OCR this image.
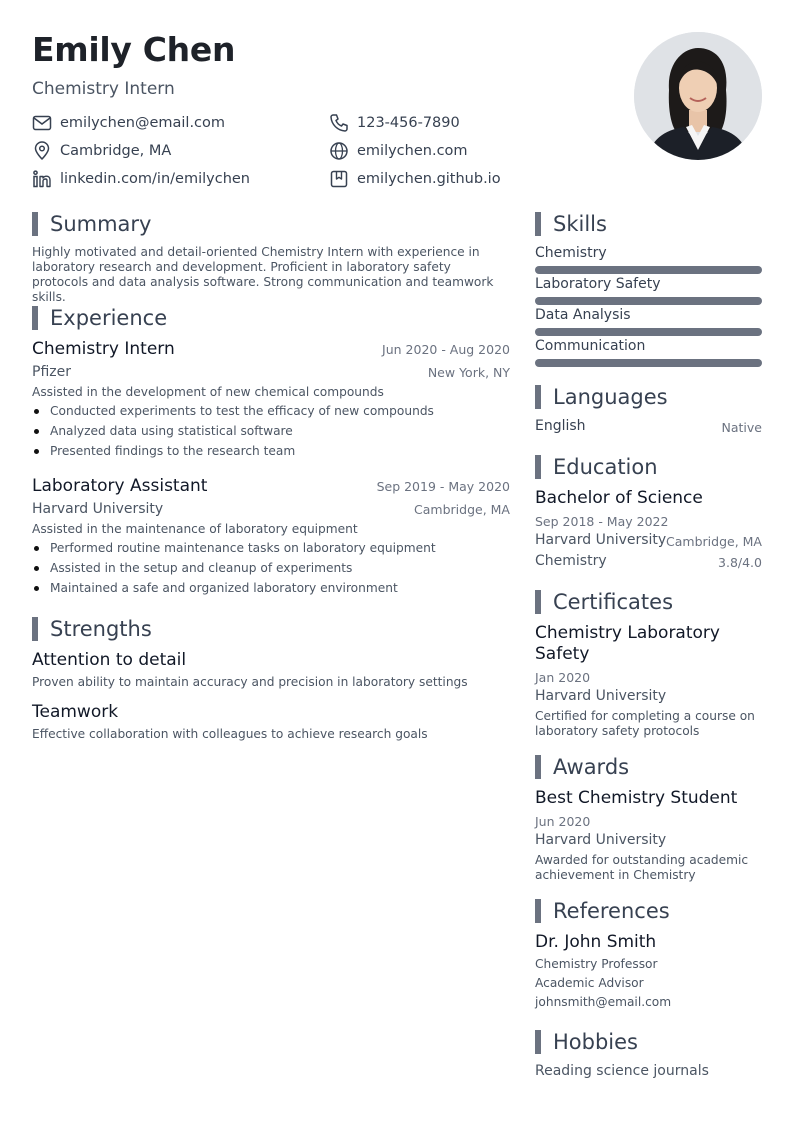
Emily Chen
Chemistry Intern
emilychen@email.com	123-456-7890
Cambridge, MA	emilychen.com
linkedin.com/in/emilychen	emilychen.github.io
Summary
Highly motivated and detail-oriented Chemistry Intern with experience in laboratory research and development. Proficient in laboratory safety protocols and data analysis software. Strong communication and teamwork skills.
Experience
Chemistry Intern	Jun 2020 - Aug 2020
Pfizer	New York, NY
Assisted in the development of new chemical compounds
Conducted experiments to test the efficacy of new compounds
Analyzed data using statistical software
Presented findings to the research team
Laboratory Assistant	Sep 2019 - May 2020
Harvard University	Cambridge, MA
Assisted in the maintenance of laboratory equipment
Performed routine maintenance tasks on laboratory equipment
Assisted in the setup and cleanup of experiments
Maintained a safe and organized laboratory environment
Strengths
Attention to detail
Proven ability to maintain accuracy and precision in laboratory settings
Teamwork
Effective collaboration with colleagues to achieve research goals
Skills
Chemistry
Laboratory Safety
Data Analysis
Communication
Languages
English	Native
Education
Bachelor of Science
Sep 2018 - May 2022
Harvard University Cambridge, MA
Chemistry	3.8/4.0
Certificates
Chemistry Laboratory
Safety
Jan 2020
Harvard University
Certified for completing a course on
laboratory safety protocols
Awards
Best Chemistry Student
Jun 2020
Harvard University
Awarded for outstanding academic
achievement in Chemistry
References
Dr. John Smith
Chemistry Professor
Academic Advisor
johnsmith@email.com
Hobbies
Reading science journals
